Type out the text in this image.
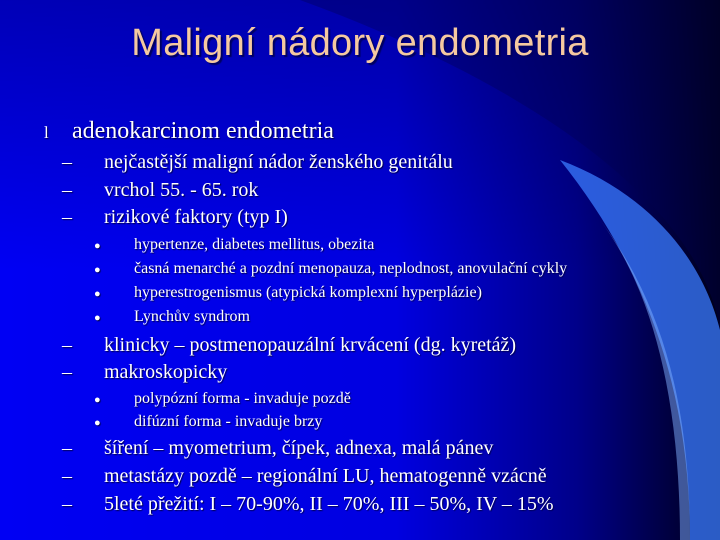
Maligní nádory endometria
l adenokarcinom endometria
– nejčastější maligní nádor ženského genitálu
– vrchol 55. - 65. rok
– rizikové faktory (typ I)
● hypertenze, diabetes mellitus, obezita
● časná menarché a pozdní menopauza, neplodnost, anovulační cykly
● hyperestrogenismus (atypická komplexní hyperplázie)
● Lynchův syndrom
– klinicky – postmenopauzální krvácení (dg. kyretáž)
– makroskopicky
● polypózní forma - invaduje pozdě
● difúzní forma - invaduje brzy
– šíření – myometrium, čípek, adnexa, malá pánev
– metastázy pozdě – regionální LU, hematogenně vzácně
– 5leté přežití: I – 70-90%, II – 70%, III – 50%, IV – 15%
